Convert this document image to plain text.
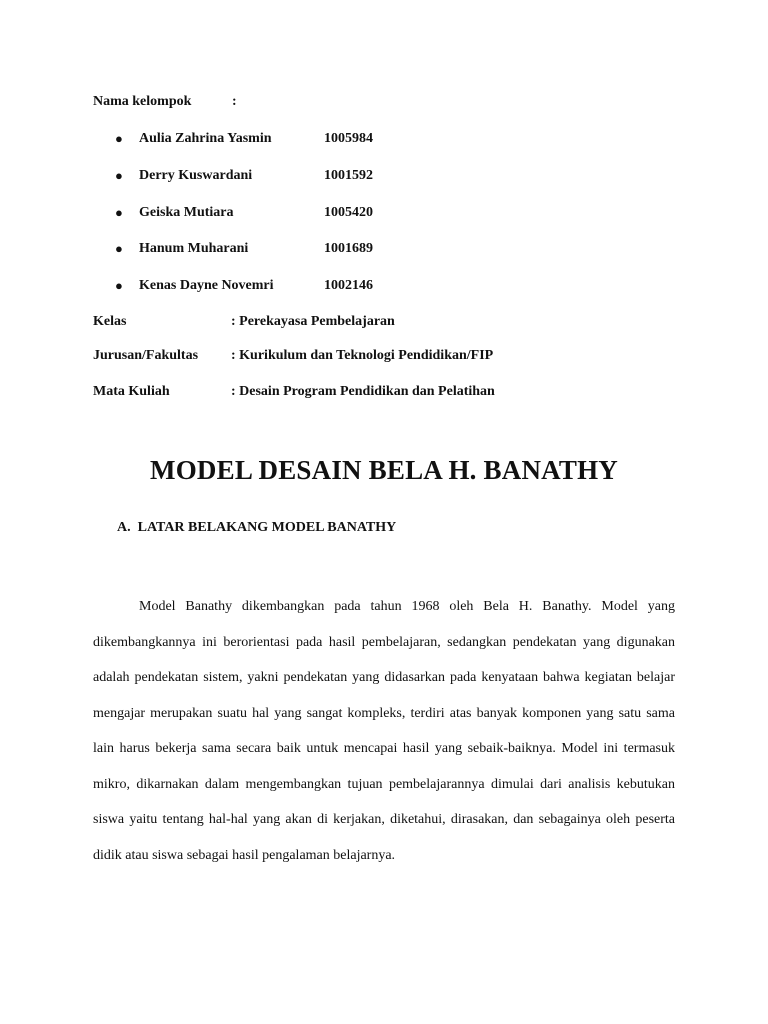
Nama kelompok	:
● Aulia Zahrina Yasmin	1005984
● Derry Kuswardani	1001592
● Geiska Mutiara	1005420
● Hanum Muharani	1001689
● Kenas Dayne Novemri	1002146
Kelas	: Perekayasa Pembelajaran
Jurusan/Fakultas : Kurikulum dan Teknologi Pendidikan/FIP
Mata Kuliah	: Desain Program Pendidikan dan Pelatihan
MODEL DESAIN BELA H. BANATHY
A.  LATAR BELAKANG MODEL BANATHY
Model Banathy dikembangkan pada tahun 1968 oleh Bela H. Banathy. Model yang dikembangkannya ini berorientasi pada hasil pembelajaran, sedangkan pendekatan yang digunakan adalah pendekatan sistem, yakni pendekatan yang didasarkan pada kenyataan bahwa kegiatan belajar mengajar merupakan suatu hal yang sangat kompleks, terdiri atas banyak komponen yang satu sama lain harus bekerja sama secara baik untuk mencapai hasil yang sebaik-baiknya. Model ini termasuk mikro, dikarnakan dalam mengembangkan tujuan pembelajarannya dimulai dari analisis kebutukan siswa yaitu tentang hal-hal yang akan di kerjakan, diketahui, dirasakan, dan sebagainya oleh peserta didik atau siswa sebagai hasil pengalaman belajarnya.
